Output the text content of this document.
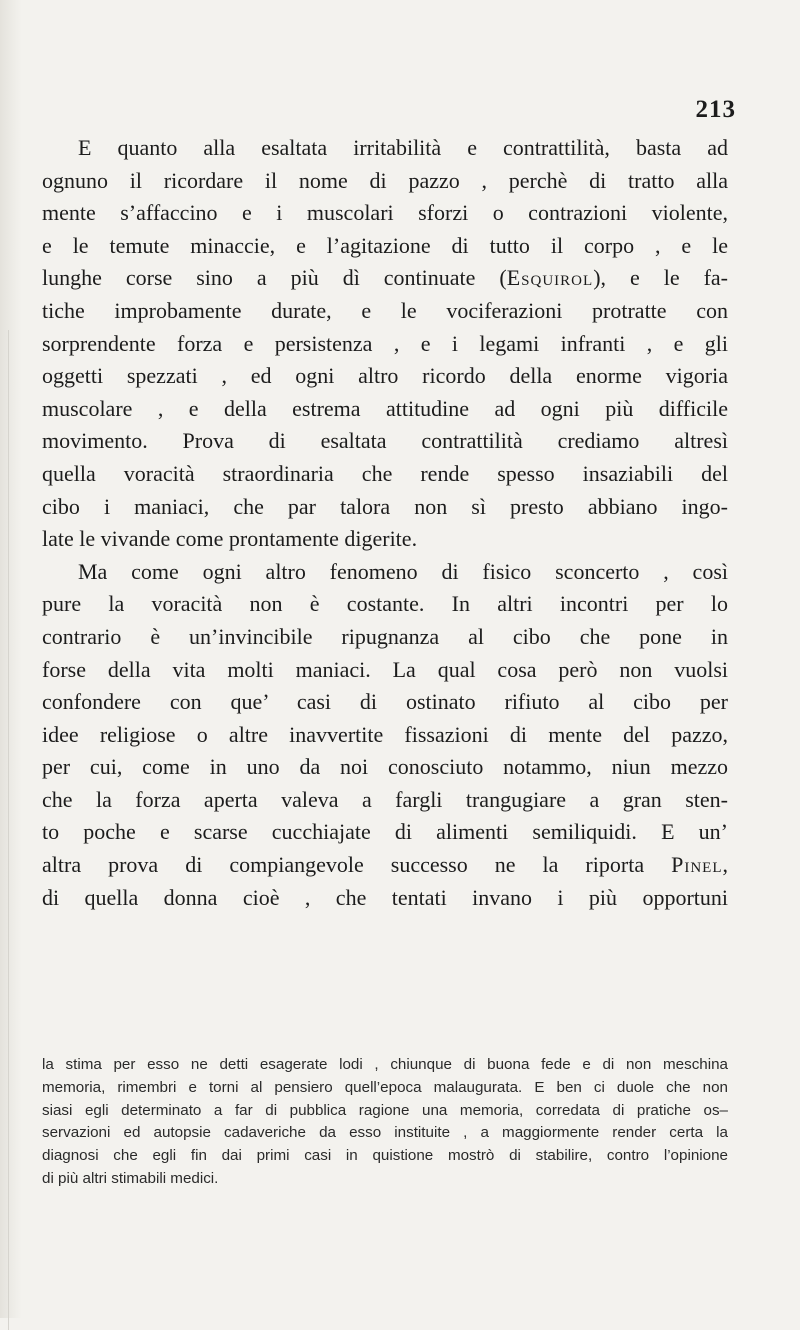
213
E quanto alla esaltata irritabilità e contrattilità, basta ad
ognuno il ricordare il nome di pazzo , perchè di tratto alla
mente s’affaccino e i muscolari sforzi o contrazioni violente,
e le temute minaccie, e l’agitazione di tutto il corpo , e le
lunghe corse sino a più dì continuate (Esquirol), e le fa-
tiche improbamente durate, e le vociferazioni protratte con
sorprendente forza e persistenza , e i legami infranti , e gli
oggetti spezzati , ed ogni altro ricordo della enorme vigoria
muscolare , e della estrema attitudine ad ogni più difficile
movimento. Prova di esaltata contrattilità crediamo altresì
quella voracità straordinaria che rende spesso insaziabili del
cibo i maniaci, che par talora non sì presto abbiano ingo-
late le vivande come prontamente digerite.
Ma come ogni altro fenomeno di fisico sconcerto , così
pure la voracità non è costante. In altri incontri per lo
contrario è un’invincibile ripugnanza al cibo che pone in
forse della vita molti maniaci. La qual cosa però non vuolsi
confondere con que’ casi di ostinato rifiuto al cibo per
idee religiose o altre inavvertite fissazioni di mente del pazzo,
per cui, come in uno da noi conosciuto notammo, niun mezzo
che la forza aperta valeva a fargli trangugiare a gran sten-
to poche e scarse cucchiajate di alimenti semiliquidi. E un’
altra prova di compiangevole successo ne la riporta Pinel,
di quella donna cioè , che tentati invano i più opportuni
la stima per esso ne detti esagerate lodi , chiunque di buona fede e di non meschina
memoria, rimembri e torni al pensiero quell’epoca malaugurata. E ben ci duole che non
siasi egli determinato a far di pubblica ragione una memoria, corredata di pratiche os–
servazioni ed autopsie cadaveriche da esso instituite , a maggiormente render certa la
diagnosi che egli fin dai primi casi in quistione mostrò di stabilire, contro l’opinione
di più altri stimabili medici.
